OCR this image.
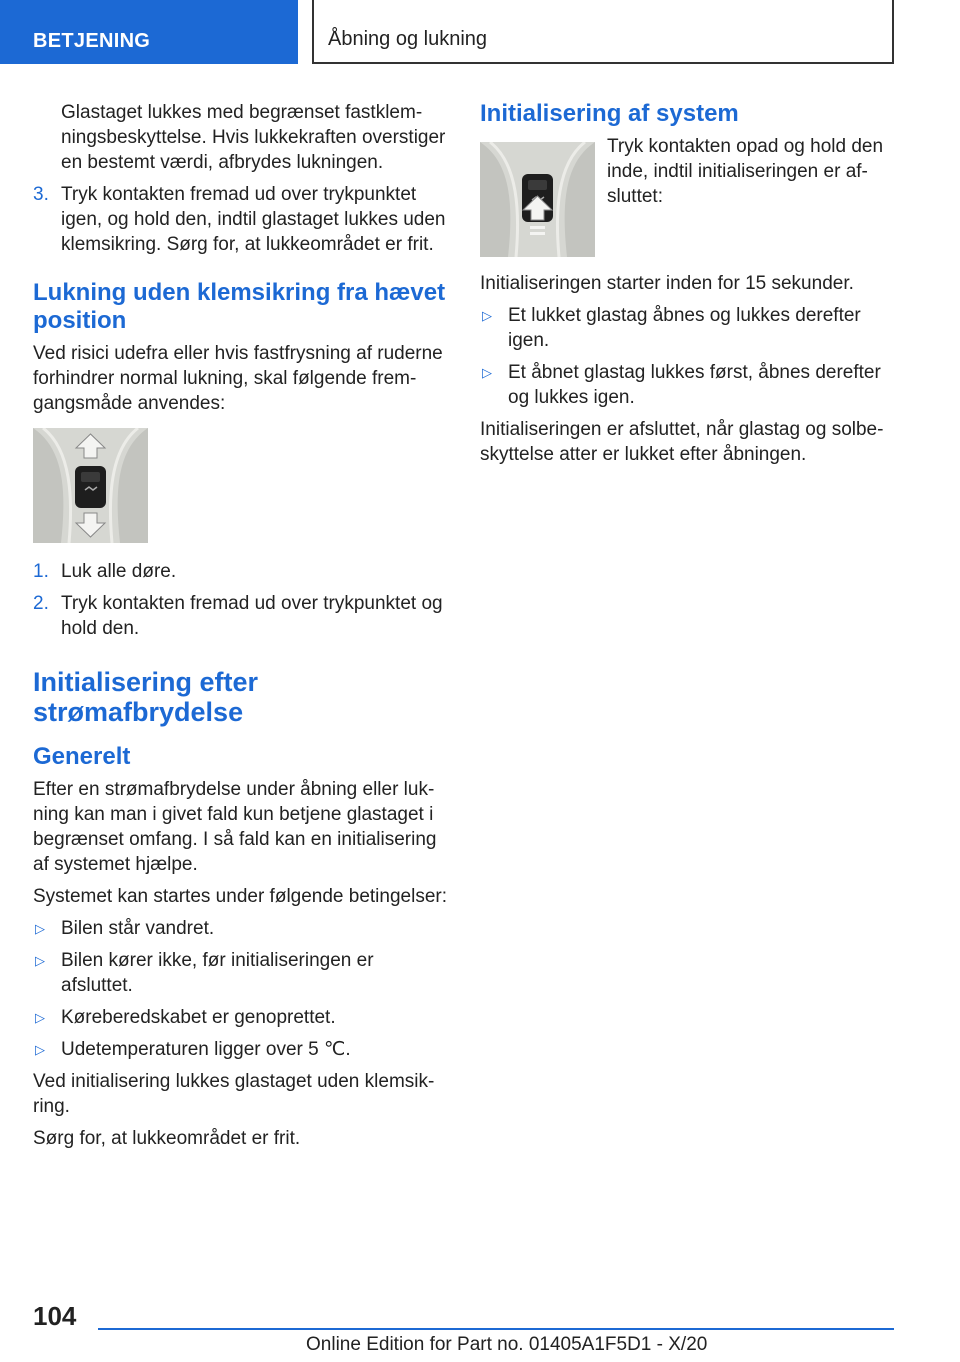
BETJENING	Åbning og lukning

Glastaget lukkes med begrænset fastklemningsbeskyttelse. Hvis lukkekraften overstiger en bestemt værdi, afbrydes lukningen.

3. Tryk kontakten fremad ud over trykpunktet igen, og hold den, indtil glastaget lukkes uden klemsikring. Sørg for, at lukkeområdet er frit.
Lukning uden klemsikring fra hævet position

Ved risici udefra eller hvis fastfrysning af ruderne forhindrer normal lukning, skal følgende fremgangsmåde anvendes:

1. Luk alle døre.
2. Tryk kontakten fremad ud over trykpunktet og hold den.
Initialisering efter strømafbrydelse
Generelt

Efter en strømafbrydelse under åbning eller lukning kan man i givet fald kun betjene glastaget i begrænset omfang. I så fald kan en initialisering af systemet hjælpe.

Systemet kan startes under følgende betingelser:

▷ Bilen står vandret.
▷ Bilen kører ikke, før initialiseringen er afsluttet.
▷ Køreberedskabet er genoprettet.
▷ Udetemperaturen ligger over 5 ℃.

Ved initialisering lukkes glastaget uden klemsikring.

Sørg for, at lukkeområdet er frit.

Initialisering af system

Tryk kontakten opad og hold den inde, indtil initialiseringen er afsluttet:

Initialiseringen starter inden for 15 sekunder.

▷ Et lukket glastag åbnes og lukkes derefter igen.
▷ Et åbnet glastag lukkes først, åbnes derefter og lukkes igen.

Initialiseringen er afsluttet, når glastag og solbeskyttelse atter er lukket efter åbningen.

104
Online Edition for Part no. 01405A1F5D1 - X/20
